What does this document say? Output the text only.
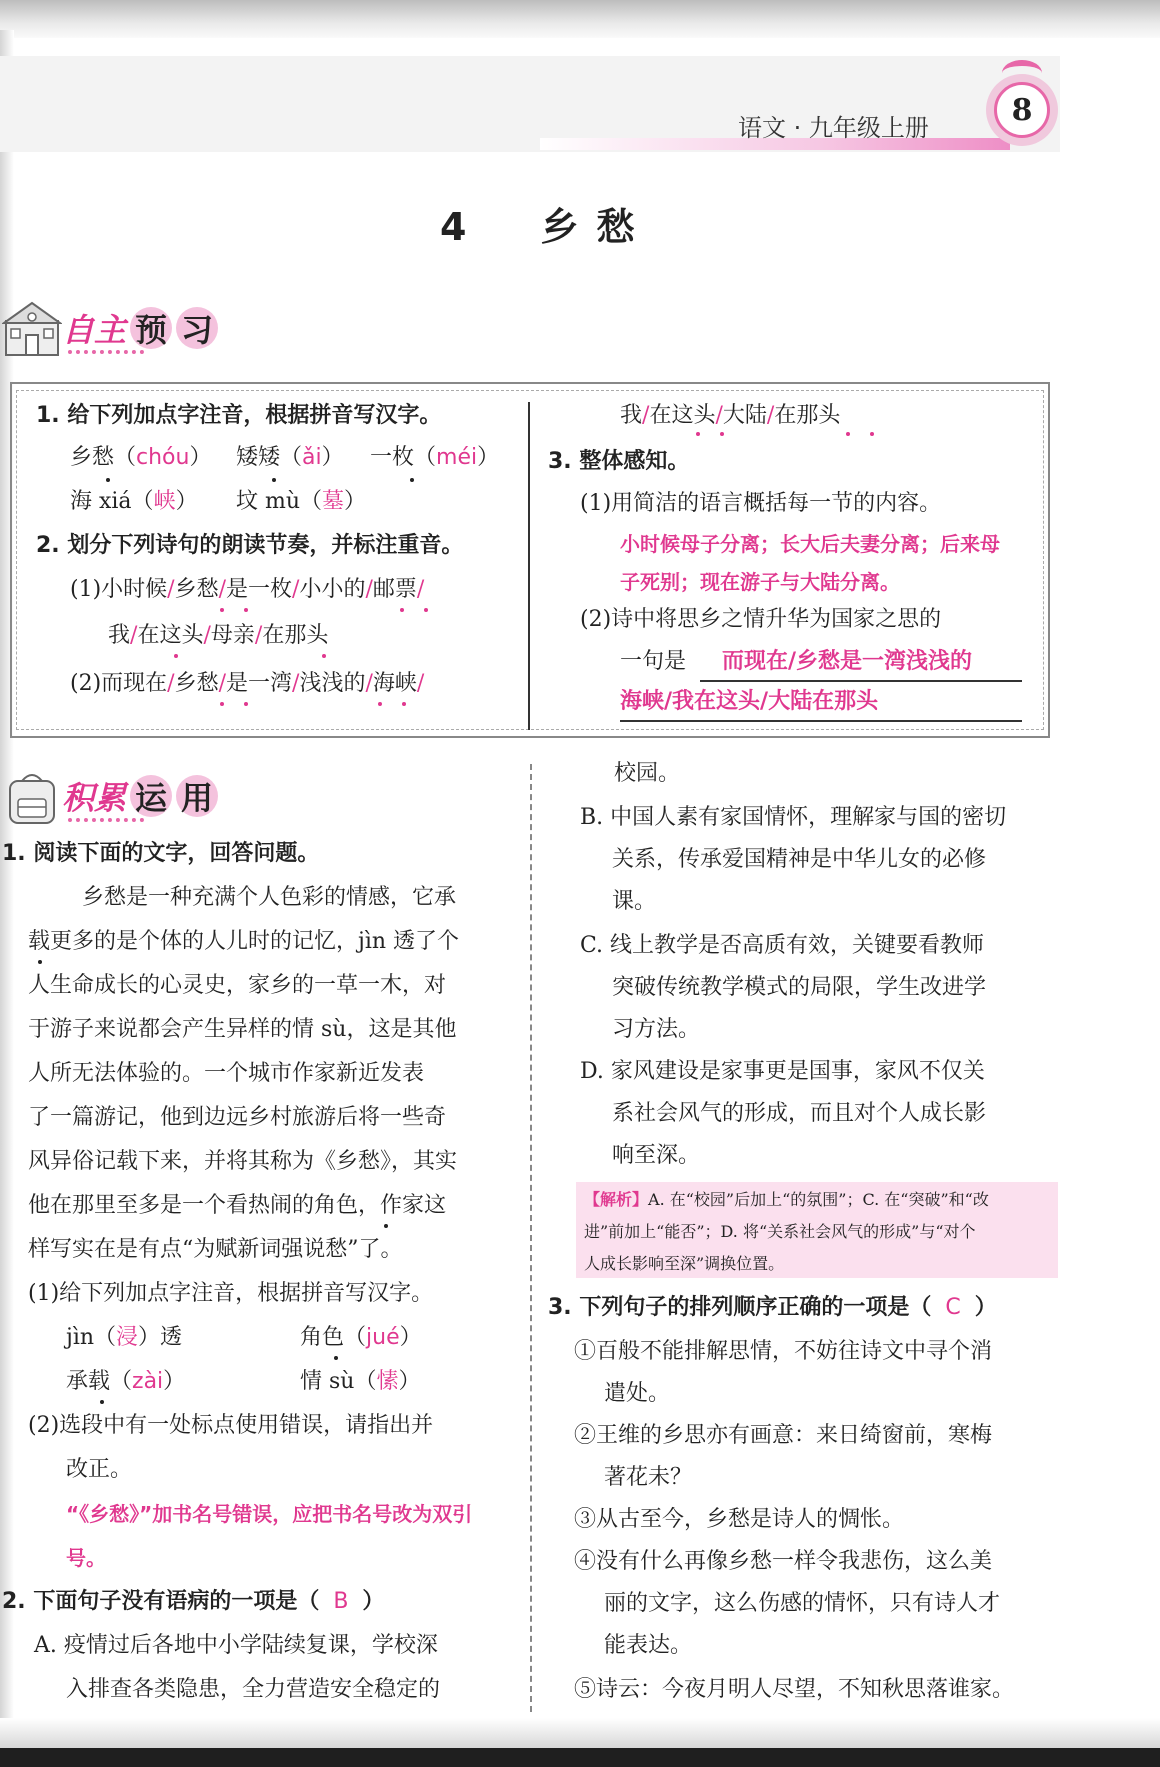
语文 · 九年级上册
8
4　乡愁
自主 预 习
1. 给下列加点字注音，根据拼音写汉字。
乡愁（chóu） 矮矮（ǎi） 一枚（méi）
海 xiá（峡） 坟 mù（墓）
2. 划分下列诗句的朗读节奏，并标注重音。
(1)小时候/乡愁/是一枚/小小的/邮票/
我/在这头/母亲/在那头
(2)而现在/乡愁/是一湾/浅浅的/海峡/
我/在这头/大陆/在那头
3. 整体感知。
(1)用简洁的语言概括每一节的内容。
小时候母子分离；长大后夫妻分离；后来母
子死别；现在游子与大陆分离。
(2)诗中将思乡之情升华为国家之思的
一句是 而现在/乡愁是一湾浅浅的
海峡/我在这头/大陆在那头
积累 运 用
1. 阅读下面的文字，回答问题。
乡愁是一种充满个人色彩的情感，它承
载更多的是个体的人儿时的记忆，jìn 透了个
人生命成长的心灵史，家乡的一草一木，对
于游子来说都会产生异样的情 sù，这是其他
人所无法体验的。一个城市作家新近发表
了一篇游记，他到边远乡村旅游后将一些奇
风异俗记载下来，并将其称为《乡愁》，其实
他在那里至多是一个看热闹的角色，作家这
样写实在是有点“为赋新词强说愁”了。
(1)给下列加点字注音，根据拼音写汉字。
jìn（浸）透	角色（jué）
承载（zài）	情 sù（愫）
(2)选段中有一处标点使用错误，请指出并
改正。
“《乡愁》”加书名号错误，应把书名号改为双引
号。
2. 下面句子没有语病的一项是（ B ）
A. 疫情过后各地中小学陆续复课，学校深
入排查各类隐患，全力营造安全稳定的
校园。
B. 中国人素有家国情怀，理解家与国的密切
关系，传承爱国精神是中华儿女的必修
课。
C. 线上教学是否高质有效，关键要看教师
突破传统教学模式的局限，学生改进学
习方法。
D. 家风建设是家事更是国事，家风不仅关
系社会风气的形成，而且对个人成长影
响至深。
【解析】A. 在“校园”后加上“的氛围”；C. 在“突破”和“改
进”前加上“能否”；D. 将“关系社会风气的形成”与“对个
人成长影响至深”调换位置。
3. 下列句子的排列顺序正确的一项是（ C ）
①百般不能排解思情，不妨往诗文中寻个消
遣处。
②王维的乡思亦有画意：来日绮窗前，寒梅
著花未？
③从古至今，乡愁是诗人的惆怅。
④没有什么再像乡愁一样令我悲伤，这么美
丽的文字，这么伤感的情怀，只有诗人才
能表达。
⑤诗云：今夜月明人尽望，不知秋思落谁家。
